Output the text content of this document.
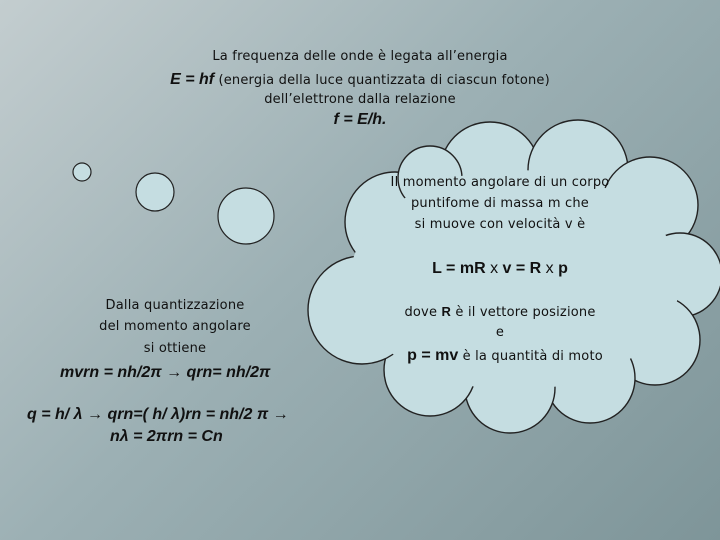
La frequenza delle onde è legata all’energia
E = hf (energia della luce quantizzata di ciascun fotone)
dell’elettrone dalla relazione
f = E/h.
Il momento angolare di un corpo
puntifome di massa m che
si muove con velocità v è
L = mR x v = R x p
dove R è il vettore posizione
e
p = mv è la quantità di moto
Dalla quantizzazione
del momento angolare
si ottiene
mvrn = nh/2π → qrn= nh/2π
q = h/ λ → qrn=( h/ λ)rn = nh/2 π →
nλ = 2πrn = Cn
